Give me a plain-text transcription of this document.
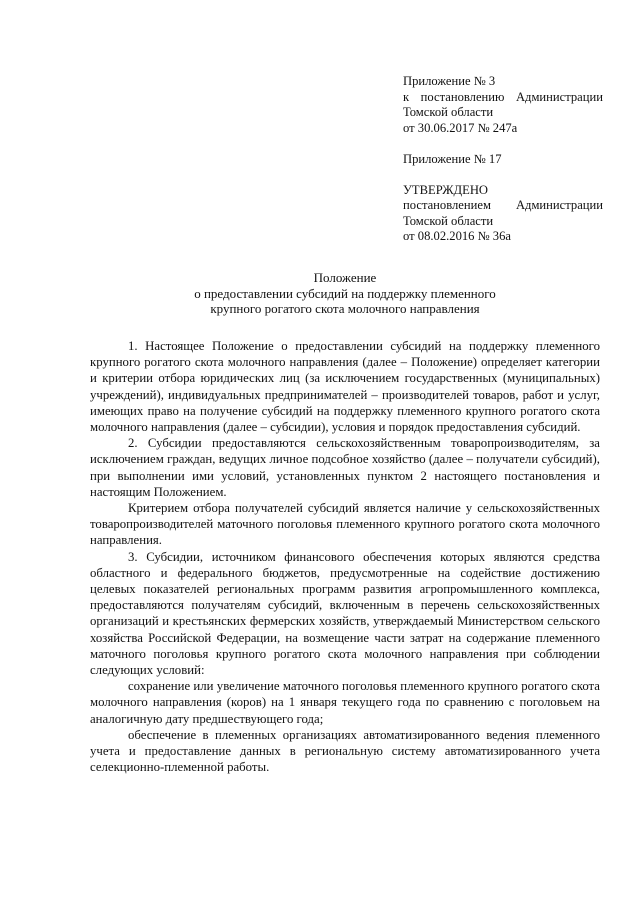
Приложение № 3
к постановлению Администрации
Томской области
от 30.06.2017 № 247а
Приложение № 17
УТВЕРЖДЕНО
постановлением Администрации
Томской области
от 08.02.2016 № 36а
Положение
о предоставлении субсидий на поддержку племенного
крупного рогатого скота молочного направления

1. Настоящее Положение о предоставлении субсидий на поддержку племенного крупного рогатого скота молочного направления (далее – Положение) определяет категории и критерии отбора юридических лиц (за исключением государственных (муниципальных) учреждений), индивидуальных предпринимателей – производителей товаров, работ и услуг, имеющих право на получение субсидий на поддержку племенного крупного рогатого скота молочного направления (далее – субсидии), условия и порядок предоставления субсидий.

2. Субсидии предоставляются сельскохозяйственным товаропроизводителям, за исключением граждан, ведущих личное подсобное хозяйство (далее – получатели субсидий), при выполнении ими условий, установленных пунктом 2 настоящего постановления и настоящим Положением.

Критерием отбора получателей субсидий является наличие у сельскохозяйственных товаропроизводителей маточного поголовья племенного крупного рогатого скота молочного направления.

3. Субсидии, источником финансового обеспечения которых являются средства областного и федерального бюджетов, предусмотренные на содействие достижению целевых показателей региональных программ развития агропромышленного комплекса, предоставляются получателям субсидий, включенным в перечень сельскохозяйственных организаций и крестьянских фермерских хозяйств, утверждаемый Министерством сельского хозяйства Российской Федерации, на возмещение части затрат на содержание племенного маточного поголовья крупного рогатого скота молочного направления при соблюдении следующих условий:

сохранение или увеличение маточного поголовья племенного крупного рогатого скота молочного направления (коров) на 1 января текущего года по сравнению с поголовьем на аналогичную дату предшествующего года;

обеспечение в племенных организациях автоматизированного ведения племенного учета и предоставление данных в региональную систему автоматизированного учета селекционно-племенной работы.
